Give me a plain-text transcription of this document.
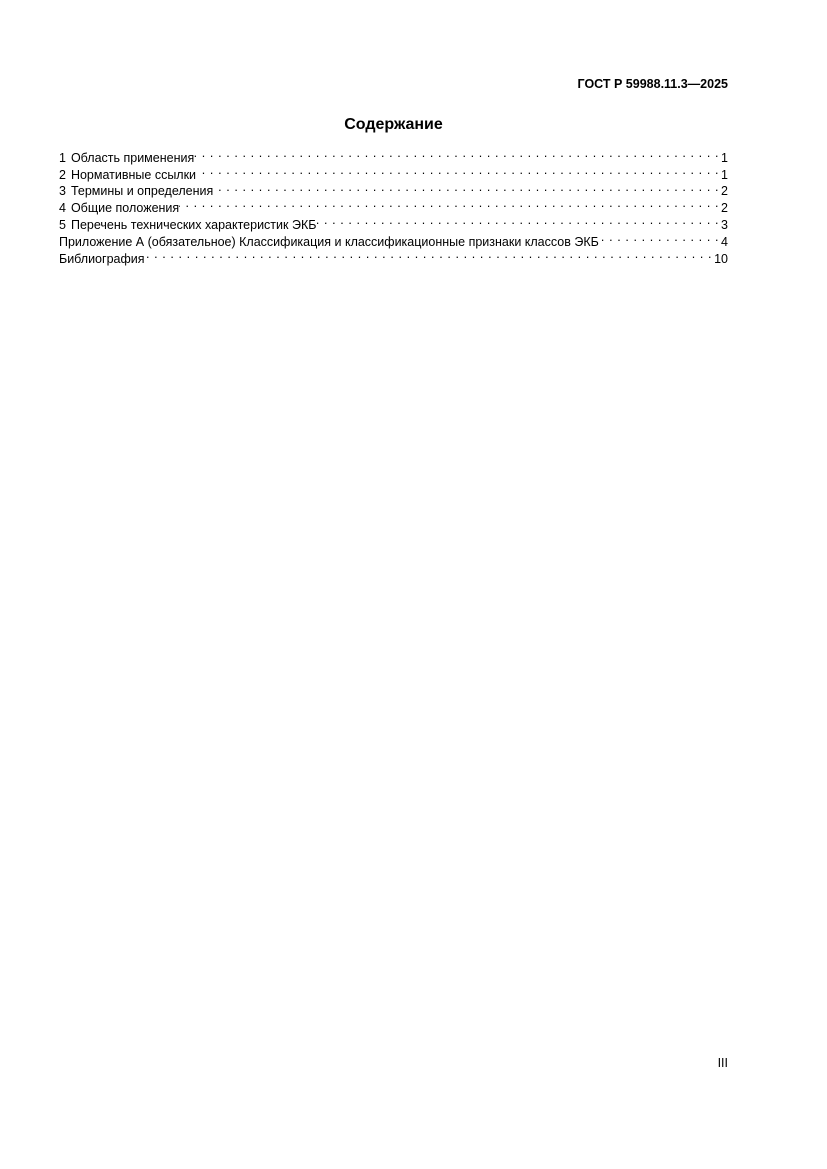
ГОСТ Р 59988.11.3—2025
Содержание
1 Область применения . . .	1
2 Нормативные ссылки . . .	1
3 Термины и определения . . .	2
4 Общие положения . . .	2
5 Перечень технических характеристик ЭКБ . . .	3
Приложение А (обязательное) Классификация и классификационные признаки классов ЭКБ . . .	4
Библиография . . .	10
III
